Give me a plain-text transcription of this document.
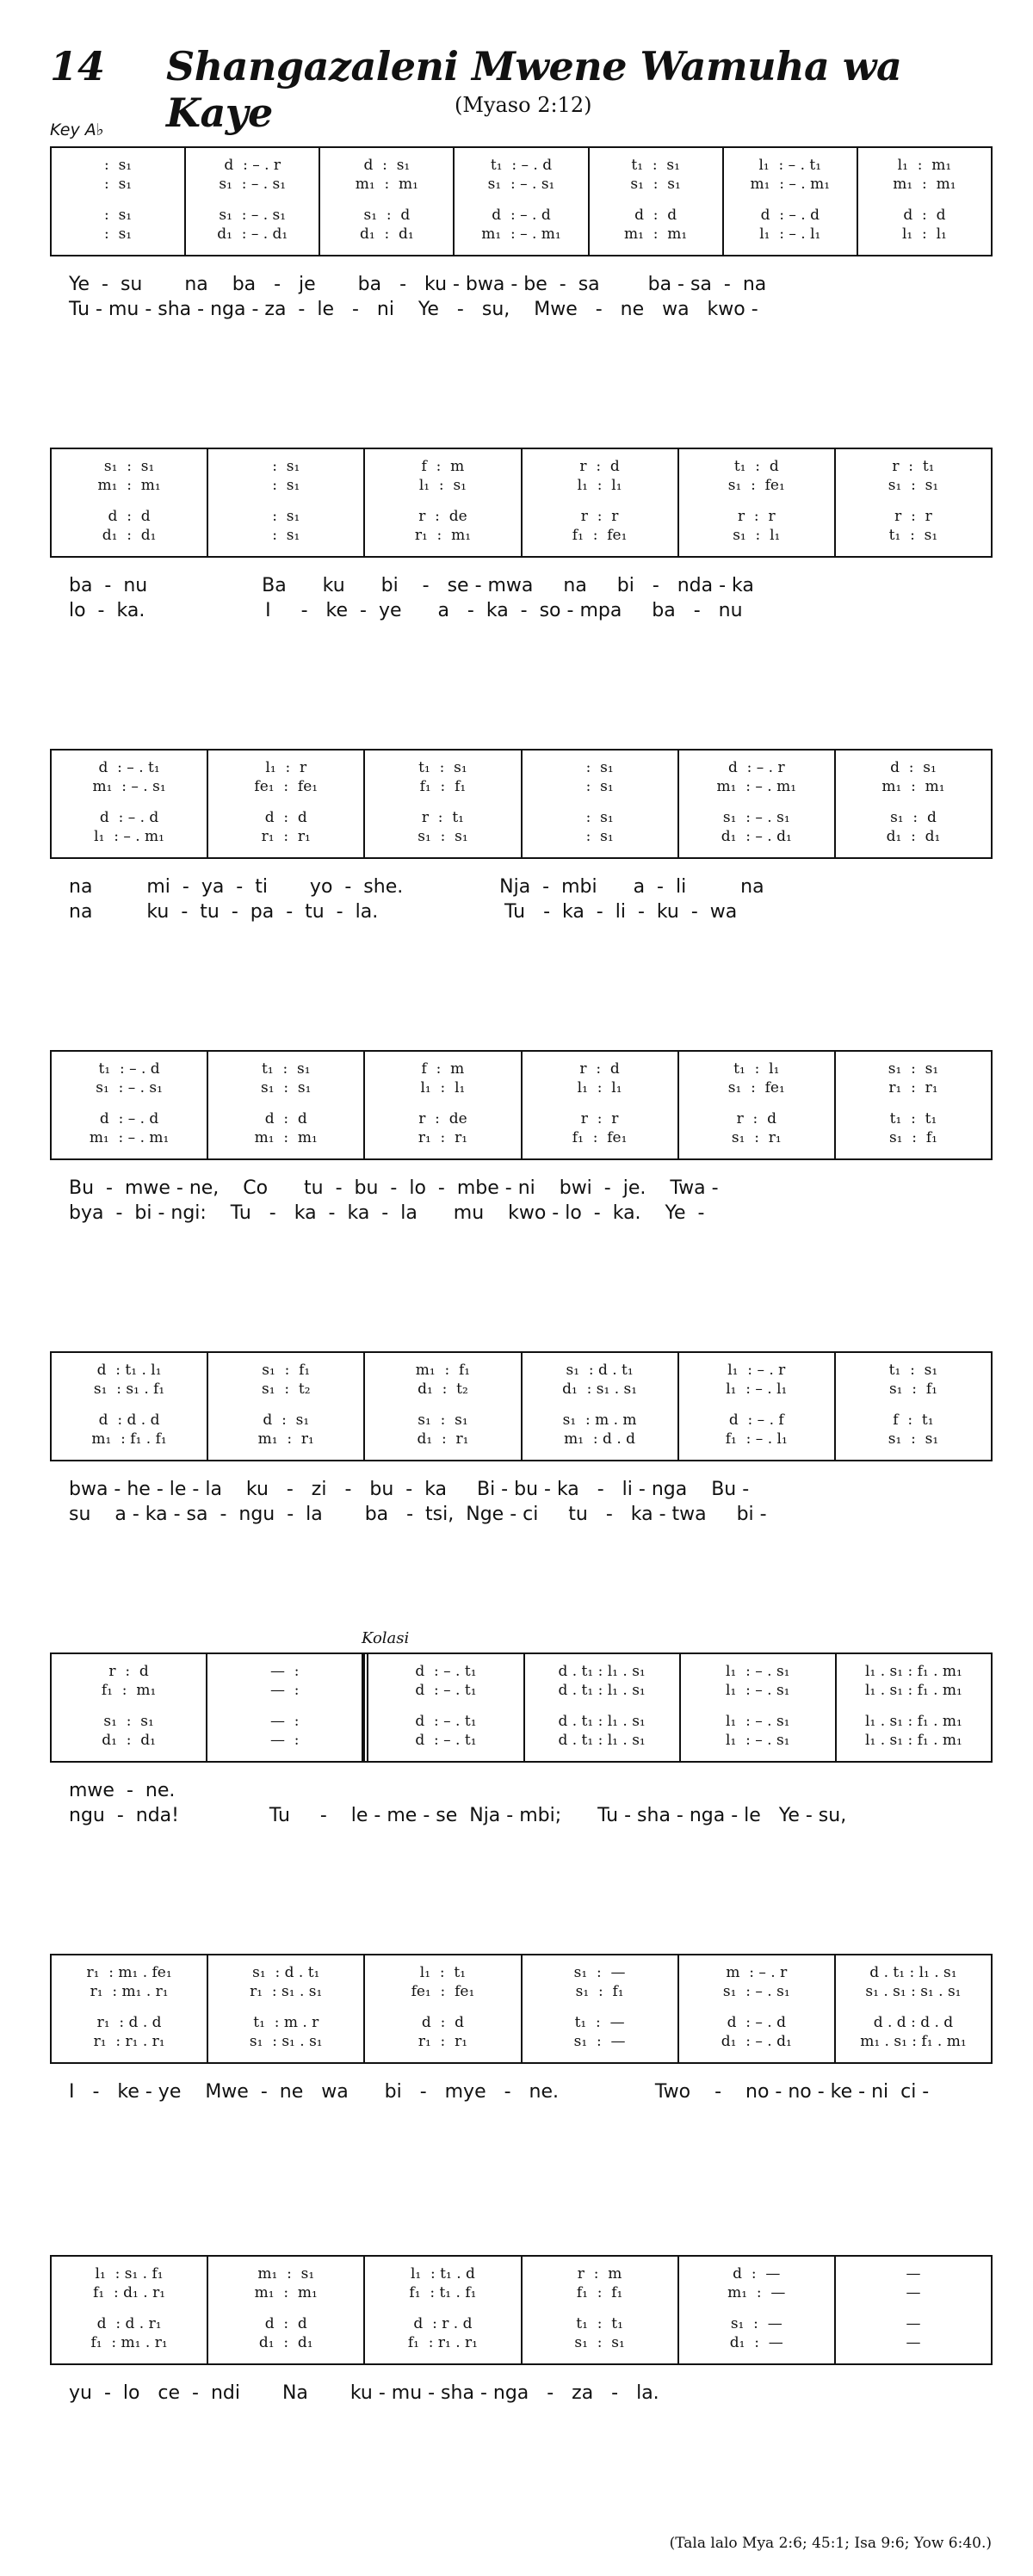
14 Shangazaleni Mwene Wamuha wa Kaye	(Myaso 2:12)
Key A♭
Kolasi
:  s₁
:  s₁
:  s₁
:  s₁
d  : – . r
s₁  : – . s₁
s₁  : – . s₁
d₁  : – . d₁
d  :  s₁
m₁  :  m₁
s₁  :  d
d₁  :  d₁
t₁  : – . d
s₁  : – . s₁
d  : – . d
m₁  : – . m₁
t₁  :  s₁
s₁  :  s₁
d  :  d
m₁  :  m₁
l₁  : – . t₁
m₁  : – . m₁
d  : – . d
l₁  : – . l₁
l₁  :  m₁
m₁  :  m₁
d  :  d
l₁  :  l₁
Ye  -  su       na    ba   -   je       ba   -   ku - bwa - be  -  sa        ba - sa  -  na
Tu - mu - sha - nga - za  -  le   -   ni    Ye   -   su,    Mwe   -   ne   wa   kwo -
s₁  :  s₁
m₁  :  m₁
d  :  d
d₁  :  d₁
:  s₁
:  s₁
:  s₁
:  s₁
f  :  m
l₁  :  s₁
r  :  de
r₁  :  m₁
r  :  d
l₁  :  l₁
r  :  r
f₁  :  fe₁
t₁  :  d
s₁  :  fe₁
r  :  r
s₁  :  l₁
r  :  t₁
s₁  :  s₁
r  :  r
t₁  :  s₁
ba  -  nu                   Ba      ku      bi    -   se - mwa     na     bi   -   nda - ka
lo  -  ka.                    I     -   ke  -  ye      a   -  ka  -  so - mpa     ba   -   nu
d  : – . t₁
m₁  : – . s₁
d  : – . d
l₁  : – . m₁
l₁  :  r
fe₁  :  fe₁
d  :  d
r₁  :  r₁
t₁  :  s₁
f₁  :  f₁
r  :  t₁
s₁  :  s₁
:  s₁
:  s₁
:  s₁
:  s₁
d  : – . r
m₁  : – . m₁
s₁  : – . s₁
d₁  : – . d₁
d  :  s₁
m₁  :  m₁
s₁  :  d
d₁  :  d₁
na         mi  -  ya  -  ti       yo  -  she.                Nja  -  mbi      a  -  li         na
na         ku  -  tu  -  pa  -  tu  -  la.                     Tu   -  ka  -  li  -  ku  -  wa
t₁  : – . d
s₁  : – . s₁
d  : – . d
m₁  : – . m₁
t₁  :  s₁
s₁  :  s₁
d  :  d
m₁  :  m₁
f  :  m
l₁  :  l₁
r  :  de
r₁  :  r₁
r  :  d
l₁  :  l₁
r  :  r
f₁  :  fe₁
t₁  :  l₁
s₁  :  fe₁
r  :  d
s₁  :  r₁
s₁  :  s₁
r₁  :  r₁
t₁  :  t₁
s₁  :  f₁
Bu  -  mwe - ne,    Co      tu  -  bu  -  lo  -  mbe - ni    bwi  -  je.    Twa -
bya  -  bi - ngi:    Tu   -   ka  -  ka  -  la      mu    kwo - lo  -  ka.    Ye  -
d  : t₁ . l₁
s₁  : s₁ . f₁
d  : d . d
m₁  : f₁ . f₁
s₁  :  f₁
s₁  :  t₂
d  :  s₁
m₁  :  r₁
m₁  :  f₁
d₁  :  t₂
s₁  :  s₁
d₁  :  r₁
s₁  : d . t₁
d₁  : s₁ . s₁
s₁  : m . m
m₁  : d . d
l₁  : – . r
l₁  : – . l₁
d  : – . f
f₁  : – . l₁
t₁  :  s₁
s₁  :  f₁
f  :  t₁
s₁  :  s₁
bwa - he - le - la    ku   -   zi   -   bu  -  ka     Bi - bu - ka   -   li - nga    Bu -
su    a - ka - sa  -  ngu  -  la       ba   -  tsi,  Nge - ci     tu   -   ka - twa     bi -
r  :  d
f₁  :  m₁
s₁  :  s₁
d₁  :  d₁
—  :
—  :
—  :
—  :
d  : – . t₁
d  : – . t₁
d  : – . t₁
d  : – . t₁
d . t₁ : l₁ . s₁
d . t₁ : l₁ . s₁
d . t₁ : l₁ . s₁
d . t₁ : l₁ . s₁
l₁  : – . s₁
l₁  : – . s₁
l₁  : – . s₁
l₁  : – . s₁
l₁ . s₁ : f₁ . m₁
l₁ . s₁ : f₁ . m₁
l₁ . s₁ : f₁ . m₁
l₁ . s₁ : f₁ . m₁
mwe  -  ne.
ngu  -  nda!               Tu     -    le - me - se  Nja - mbi;      Tu - sha - nga - le   Ye - su,
r₁  : m₁ . fe₁
r₁  : m₁ . r₁
r₁  : d . d
r₁  : r₁ . r₁
s₁  : d . t₁
r₁  : s₁ . s₁
t₁  : m . r
s₁  : s₁ . s₁
l₁  :  t₁
fe₁  :  fe₁
d  :  d
r₁  :  r₁
s₁  :  —
s₁  :  f₁
t₁  :  —
s₁  :  —
m  : – . r
s₁  : – . s₁
d  : – . d
d₁  : – . d₁
d . t₁ : l₁ . s₁
s₁ . s₁ : s₁ . s₁
d . d : d . d
m₁ . s₁ : f₁ . m₁
I   -   ke - ye    Mwe  -  ne   wa      bi   -   mye   -   ne.                Two    -    no - no - ke - ni  ci -
l₁  : s₁ . f₁
f₁  : d₁ . r₁
d  : d . r₁
f₁  : m₁ . r₁
m₁  :  s₁
m₁  :  m₁
d  :  d
d₁  :  d₁
l₁  : t₁ . d
f₁  : t₁ . f₁
d  : r . d
f₁  : r₁ . r₁
r  :  m
f₁  :  f₁
t₁  :  t₁
s₁  :  s₁
d  :  —
m₁  :  —
s₁  :  —
d₁  :  —
—
—
—
—
yu  -  lo   ce  -  ndi       Na       ku - mu - sha - nga   -   za   -   la.
(Tala lalo Mya 2:6; 45:1; Isa 9:6; Yow 6:40.)
